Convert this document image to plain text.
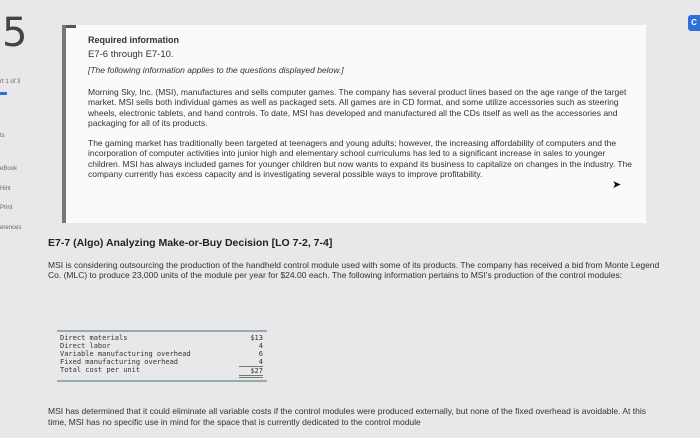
5
rt 1 of 3
ts
eBook
Hint
Print
erences
C
Required information
E7-6 through E7-10.
[The following information applies to the questions displayed below.]
Morning Sky, Inc. (MSI), manufactures and sells computer games. The company has several product lines based on the age range of the target market. MSI sells both individual games as well as packaged sets. All games are in CD format, and some utilize accessories such as steering wheels, electronic tablets, and hand controls. To date, MSI has developed and manufactured all the CDs itself as well as the accessories and packaging for all of its products.
The gaming market has traditionally been targeted at teenagers and young adults; however, the increasing affordability of computers and the incorporation of computer activities into junior high and elementary school curriculums has led to a significant increase in sales to younger children. MSI has always included games for younger children but now wants to expand its business to capitalize on changes in the industry. The company currently has excess capacity and is investigating several possible ways to improve profitability.
➤
E7-7 (Algo) Analyzing Make-or-Buy Decision [LO 7-2, 7-4]
MSI is considering outsourcing the production of the handheld control module used with some of its products. The company has received a bid from Monte Legend Co. (MLC) to produce 23,000 units of the module per year for $24.00 each. The following information pertains to MSI's production of the control modules:
Direct materials	$13
Direct labor	4
Variable manufacturing overhead	6
Fixed manufacturing overhead	4
Total cost per unit	$27
MSI has determined that it could eliminate all variable costs if the control modules were produced externally, but none of the fixed overhead is avoidable. At this time, MSI has no specific use in mind for the space that is currently dedicated to the control module
